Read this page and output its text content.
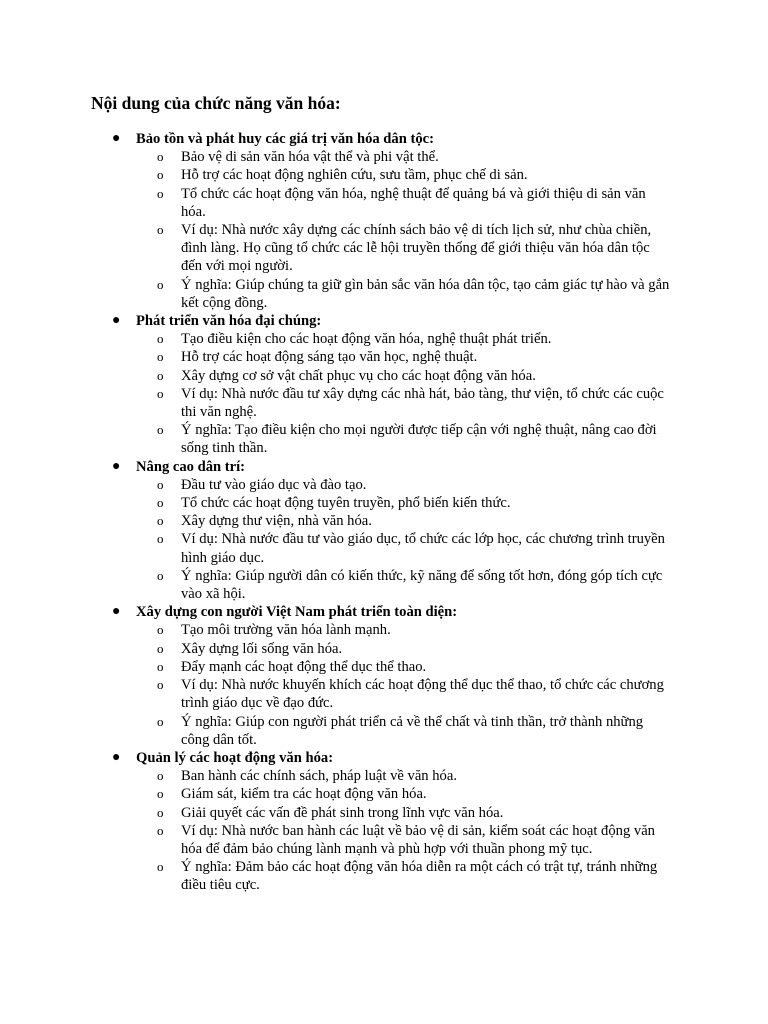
Nội dung của chức năng văn hóa:
● Bảo tồn và phát huy các giá trị văn hóa dân tộc:
o Bảo vệ di sản văn hóa vật thể và phi vật thể.
o Hỗ trợ các hoạt động nghiên cứu, sưu tầm, phục chế di sản.
o Tổ chức các hoạt động văn hóa, nghệ thuật để quảng bá và giới thiệu di sản văn hóa.
o Ví dụ: Nhà nước xây dựng các chính sách bảo vệ di tích lịch sử, như chùa chiền, đình làng. Họ cũng tổ chức các lễ hội truyền thống để giới thiệu văn hóa dân tộc đến với mọi người.
o Ý nghĩa: Giúp chúng ta giữ gìn bản sắc văn hóa dân tộc, tạo cảm giác tự hào và gắn kết cộng đồng.
● Phát triển văn hóa đại chúng:
o Tạo điều kiện cho các hoạt động văn hóa, nghệ thuật phát triển.
o Hỗ trợ các hoạt động sáng tạo văn học, nghệ thuật.
o Xây dựng cơ sở vật chất phục vụ cho các hoạt động văn hóa.
o Ví dụ: Nhà nước đầu tư xây dựng các nhà hát, bảo tàng, thư viện, tổ chức các cuộc thi văn nghệ.
o Ý nghĩa: Tạo điều kiện cho mọi người được tiếp cận với nghệ thuật, nâng cao đời sống tinh thần.
● Nâng cao dân trí:
o Đầu tư vào giáo dục và đào tạo.
o Tổ chức các hoạt động tuyên truyền, phổ biến kiến thức.
o Xây dựng thư viện, nhà văn hóa.
o Ví dụ: Nhà nước đầu tư vào giáo dục, tổ chức các lớp học, các chương trình truyền hình giáo dục.
o Ý nghĩa: Giúp người dân có kiến thức, kỹ năng để sống tốt hơn, đóng góp tích cực vào xã hội.
● Xây dựng con người Việt Nam phát triển toàn diện:
o Tạo môi trường văn hóa lành mạnh.
o Xây dựng lối sống văn hóa.
o Đẩy mạnh các hoạt động thể dục thể thao.
o Ví dụ: Nhà nước khuyến khích các hoạt động thể dục thể thao, tổ chức các chương trình giáo dục về đạo đức.
o Ý nghĩa: Giúp con người phát triển cả về thể chất và tinh thần, trở thành những công dân tốt.
● Quản lý các hoạt động văn hóa:
o Ban hành các chính sách, pháp luật về văn hóa.
o Giám sát, kiểm tra các hoạt động văn hóa.
o Giải quyết các vấn đề phát sinh trong lĩnh vực văn hóa.
o Ví dụ: Nhà nước ban hành các luật về bảo vệ di sản, kiểm soát các hoạt động văn hóa để đảm bảo chúng lành mạnh và phù hợp với thuần phong mỹ tục.
o Ý nghĩa: Đảm bảo các hoạt động văn hóa diễn ra một cách có trật tự, tránh những điều tiêu cực.
